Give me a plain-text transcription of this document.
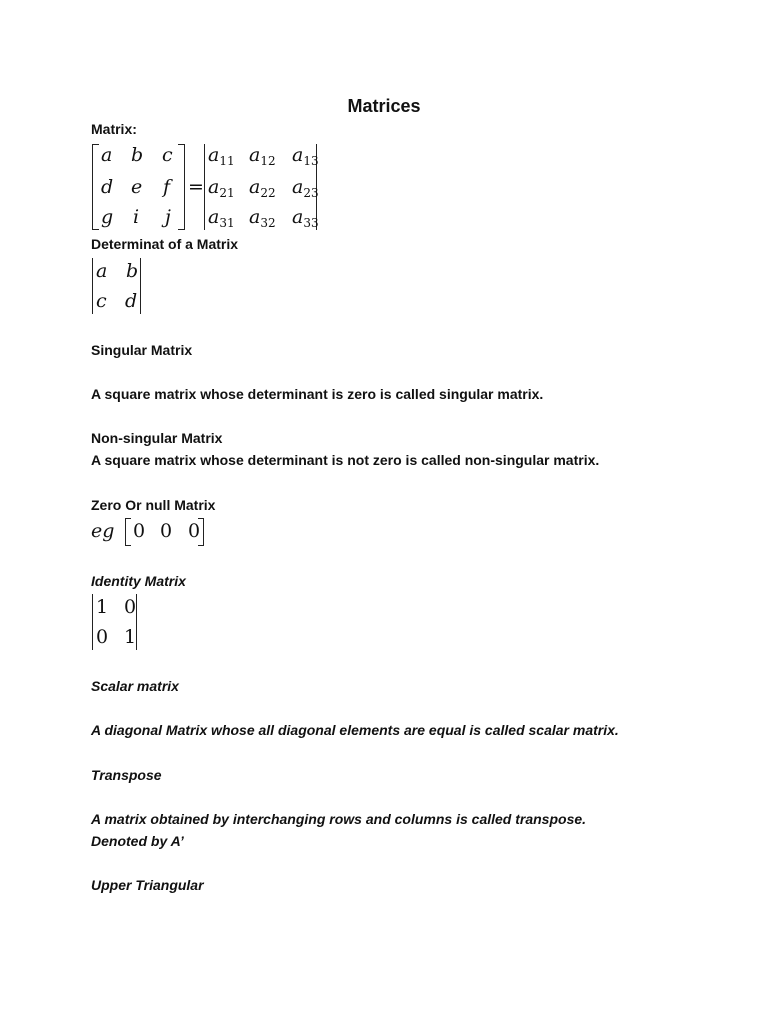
Matrices
Matrix:
a b c
d e f
g i j
=
$a_{11}$ $a_{12}$ $a_{13}$
$a_{21}$ $a_{22}$ $a_{23}$
$a_{31}$ $a_{32}$ $a_{33}$
Determinat of a Matrix
a b
c d
Singular Matrix
A square matrix whose determinant is zero is called singular matrix.
Non-singular Matrix
A square matrix whose determinant is not zero is called non-singular matrix.
Zero Or null Matrix
eg 0 0 0
Identity Matrix
1 0
0 1
Scalar matrix
A diagonal Matrix whose all diagonal elements are equal is called scalar matrix.
Transpose
A matrix obtained by interchanging rows and columns is called transpose.
Denoted by A’
Upper Triangular
